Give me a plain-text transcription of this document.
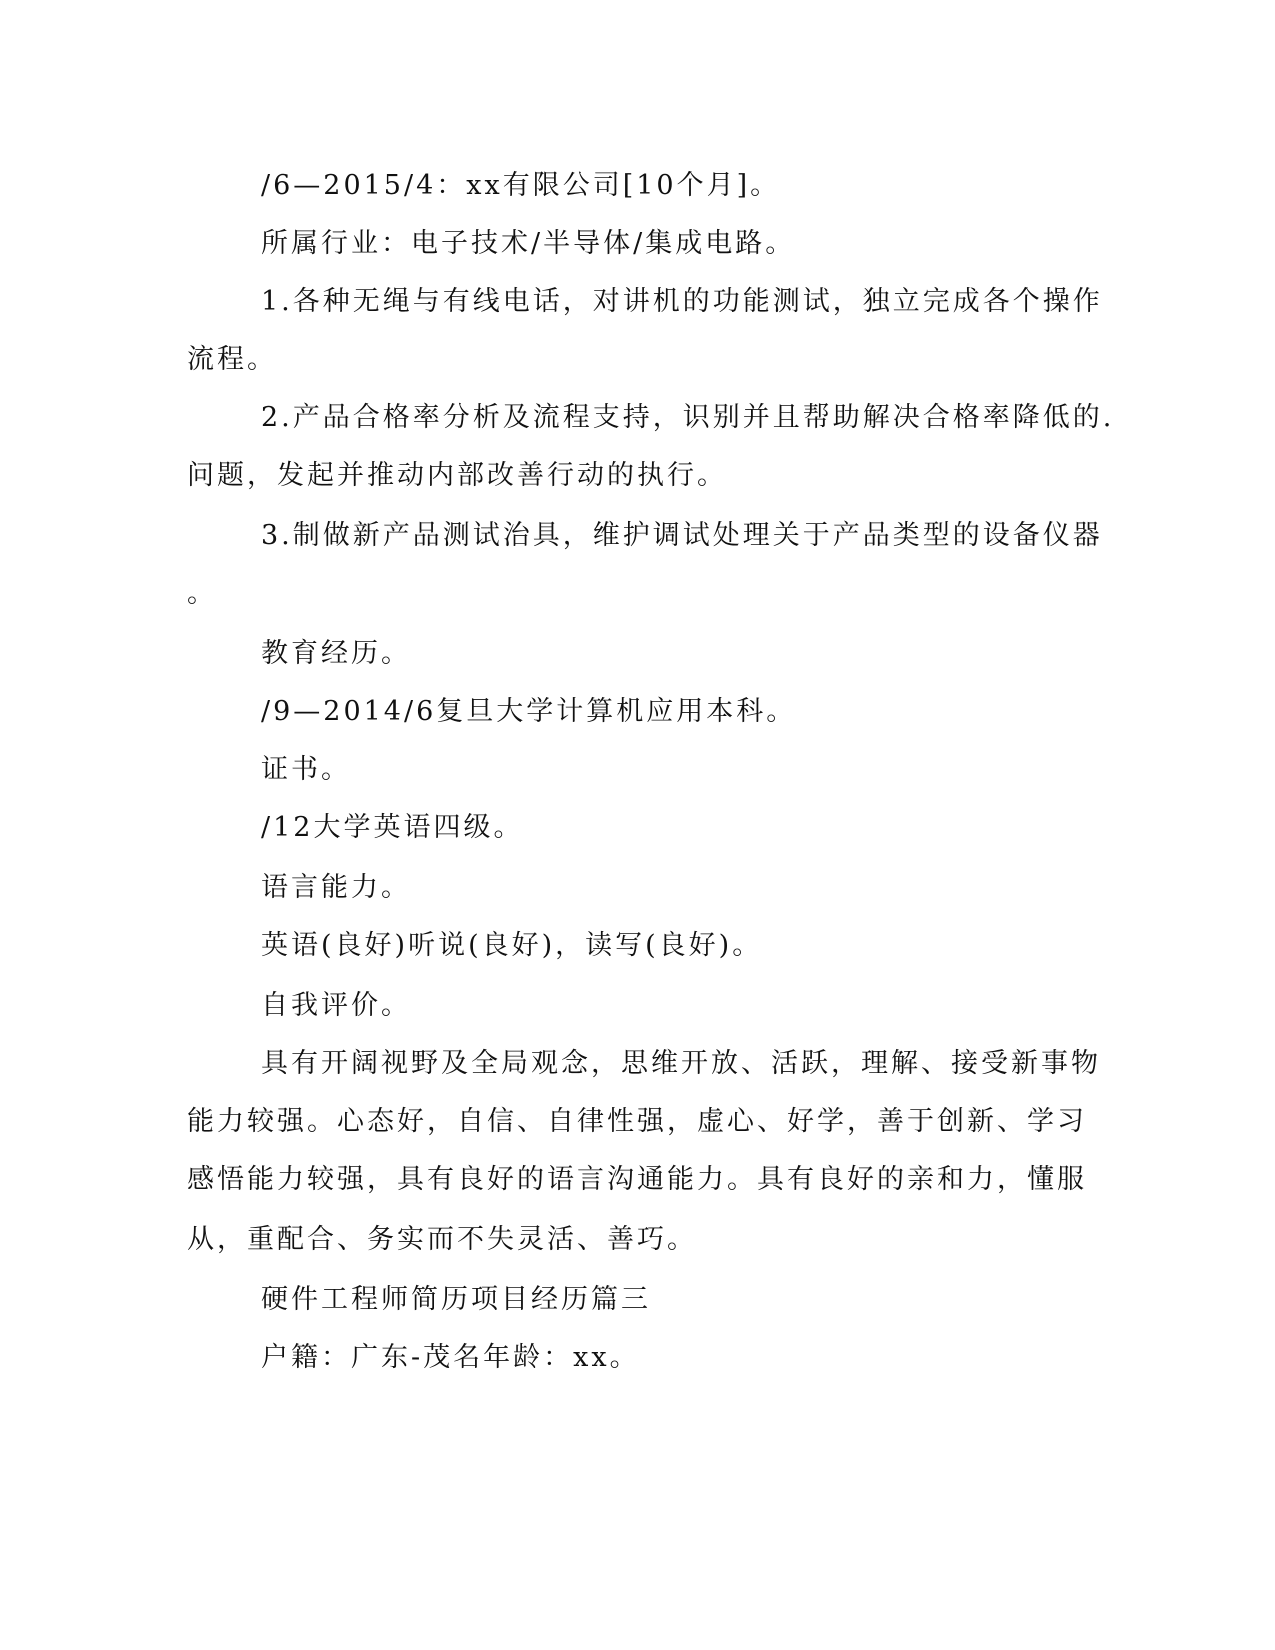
/6—2015/4：xx有限公司[10个月]。
所属行业：电子技术/半导体/集成电路。
1.各种无绳与有线电话，对讲机的功能测试，独立完成各个操作
流程。
2.产品合格率分析及流程支持，识别并且帮助解决合格率降低的.
问题，发起并推动内部改善行动的执行。
3.制做新产品测试治具，维护调试处理关于产品类型的设备仪器
。
教育经历。
/9—2014/6复旦大学计算机应用本科。
证书。
/12大学英语四级。
语言能力。
英语(良好)听说(良好)，读写(良好)。
自我评价。
具有开阔视野及全局观念，思维开放、活跃，理解、接受新事物
能力较强。心态好，自信、自律性强，虚心、好学，善于创新、学习
感悟能力较强，具有良好的语言沟通能力。具有良好的亲和力，懂服
从，重配合、务实而不失灵活、善巧。
硬件工程师简历项目经历篇三
户籍：广东-茂名年龄：xx。
